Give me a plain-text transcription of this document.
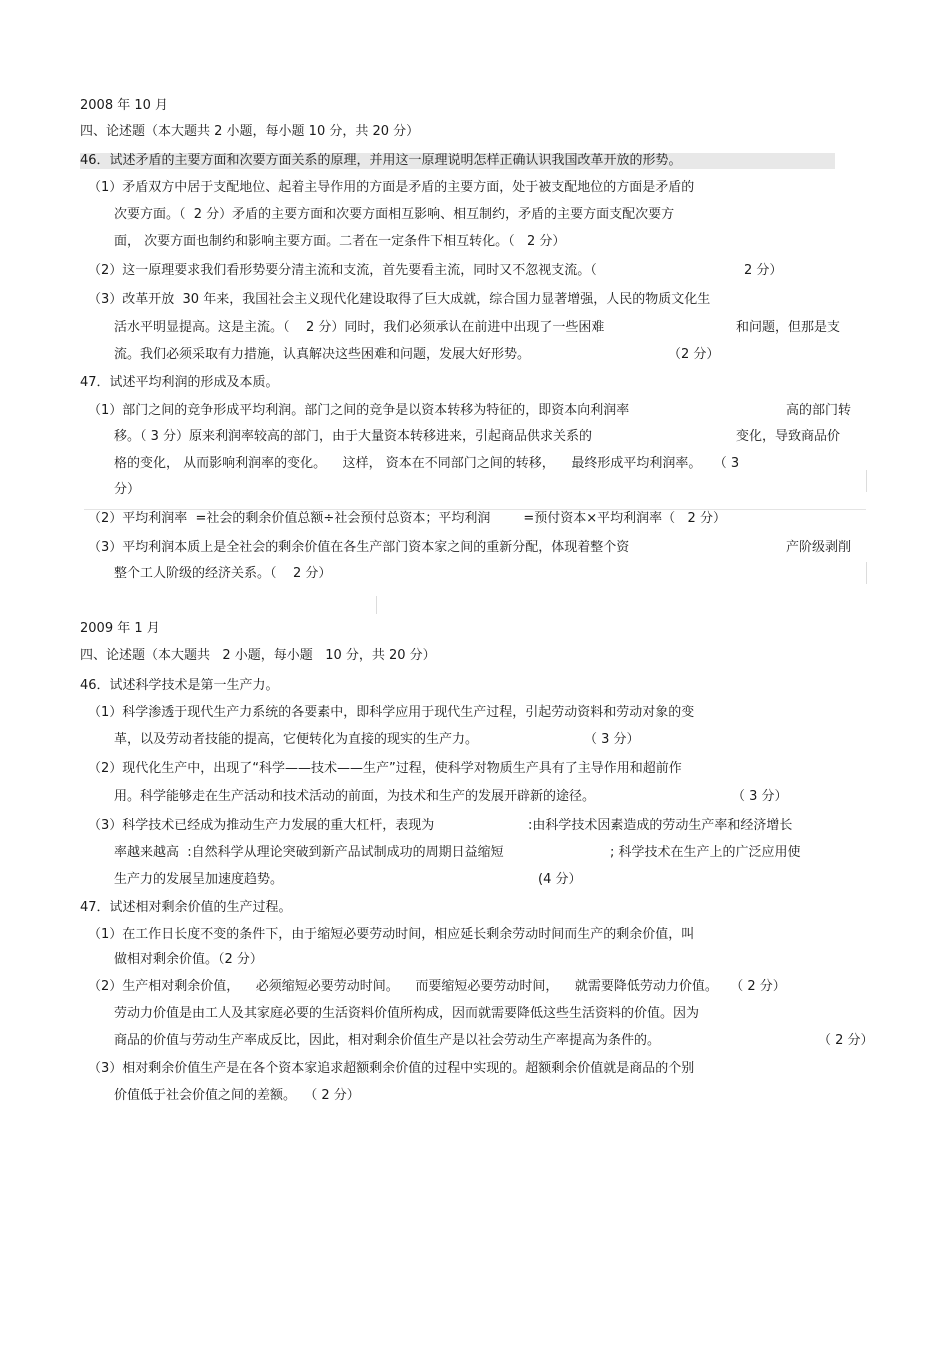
2008 年 10 月
四、论述题（本大题共 2 小题，每小题 10 分，共 20 分）
46．试述矛盾的主要方面和次要方面关系的原理，并用这一原理说明怎样正确认识我国改革开放的形势。
（1）矛盾双方中居于支配地位、起着主导作用的方面是矛盾的主要方面，处于被支配地位的方面是矛盾的
次要方面。（  2 分）矛盾的主要方面和次要方面相互影响、相互制约，矛盾的主要方面支配次要方
面， 次要方面也制约和影响主要方面。二者在一定条件下相互转化。（   2 分）
（2）这一原理要求我们看形势要分清主流和支流，首先要看主流，同时又不忽视支流。（	2 分）
（3）改革开放  30 年来，我国社会主义现代化建设取得了巨大成就，综合国力显著增强，人民的物质文化生
活水平明显提高。这是主流。（    2 分）同时，我们必须承认在前进中出现了一些困难	和问题，但那是支
流。我们必须采取有力措施，认真解决这些困难和问题，发展大好形势。	（2 分）
47．试述平均利润的形成及本质。
（1）部门之间的竞争形成平均利润。部门之间的竞争是以资本转移为特征的，即资本向利润率	高的部门转
移。（ 3 分）原来利润率较高的部门，由于大量资本转移进来，引起商品供求关系的	变化，导致商品价
格的变化， 从而影响利润率的变化。    这样， 资本在不同部门之间的转移，    最终形成平均利润率。   （ 3
分）
（2）平均利润率  =社会的剩余价值总额÷社会预付总资本；平均利润        =预付资本×平均利润率（   2 分）
（3）平均利润本质上是全社会的剩余价值在各生产部门资本家之间的重新分配，体现着整个资	产阶级剥削
整个工人阶级的经济关系。（    2 分）
2009 年 1 月
四、论述题（本大题共   2 小题，每小题   10 分，共 20 分）
46．试述科学技术是第一生产力。
（1）科学渗透于现代生产力系统的各要素中，即科学应用于现代生产过程，引起劳动资料和劳动对象的变
革，以及劳动者技能的提高，它便转化为直接的现实的生产力。	（ 3 分）
（2）现代化生产中，出现了“科学——技术——生产”过程，使科学对物质生产具有了主导作用和超前作
用。科学能够走在生产活动和技术活动的前面，为技术和生产的发展开辟新的途径。	（ 3 分）
（3）科学技术已经成为推动生产力发展的重大杠杆，表现为	:由科学技术因素造成的劳动生产率和经济增长
率越来越高  :自然科学从理论突破到新产品试制成功的周期日益缩短	; 科学技术在生产上的广泛应用使
生产力的发展呈加速度趋势。	(4 分）
47．试述相对剩余价值的生产过程。
（1）在工作日长度不变的条件下，由于缩短必要劳动时间，相应延长剩余劳动时间而生产的剩余价值，叫
做相对剩余价值。（2 分）
（2）生产相对剩余价值，    必须缩短必要劳动时间。    而要缩短必要劳动时间，    就需要降低劳动力价值。   （ 2 分）
劳动力价值是由工人及其家庭必要的生活资料价值所构成，因而就需要降低这些生活资料的价值。因为
商品的价值与劳动生产率成反比，因此，相对剩余价值生产是以社会劳动生产率提高为条件的。	（ 2 分）
（3）相对剩余价值生产是在各个资本家追求超额剩余价值的过程中实现的。超额剩余价值就是商品的个别
价值低于社会价值之间的差额。  （ 2 分）
